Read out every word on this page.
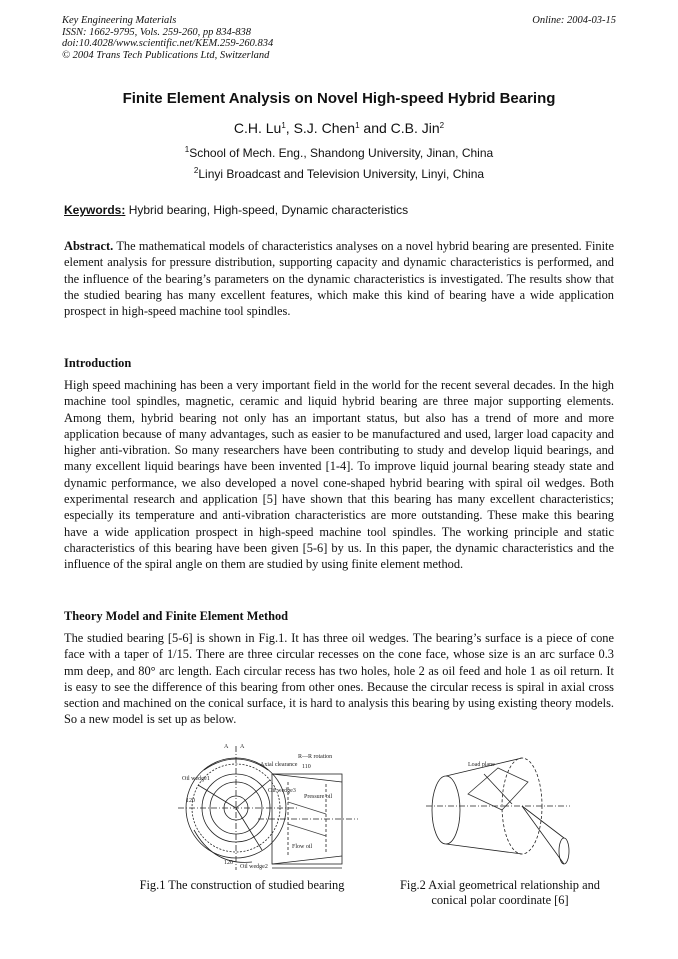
Key Engineering Materials
ISSN: 1662-9795, Vols. 259-260, pp 834-838
doi:10.4028/www.scientific.net/KEM.259-260.834
© 2004 Trans Tech Publications Ltd, Switzerland
Online: 2004-03-15
Finite Element Analysis on Novel High-speed Hybrid Bearing
C.H. Lu$^1$, S.J. Chen$^1$ and C.B. Jin$^2$
$^1$School of Mech. Eng., Shandong University, Jinan, China
$^2$Linyi Broadcast and Television University, Linyi, China
Keywords: Hybrid bearing, High-speed, Dynamic characteristics
Abstract. The mathematical models of characteristics analyses on a novel hybrid bearing are presented. Finite element analysis for pressure distribution, supporting capacity and dynamic characteristics is performed, and the influence of the bearing’s parameters on the dynamic characteristics is investigated. The results show that the studied bearing has many excellent features, which make this kind of bearing have a wide application prospect in high-speed machine tool spindles.
Introduction
High speed machining has been a very important field in the world for the recent several decades. In the high machine tool spindles, magnetic, ceramic and liquid hybrid bearing are three major supporting elements. Among them, hybrid bearing not only has an important status, but also has a trend of more and more application because of many advantages, such as easier to be manufactured and used, larger load capacity and higher anti-vibration. So many researchers have been contributing to study and develop liquid bearings, and many excellent liquid bearings have been invented [1-4]. To improve liquid journal bearing steady state and dynamic performance, we also developed a novel cone-shaped hybrid bearing with spiral oil wedges. Both experimental research and application [5] have shown that this bearing has many excellent characteristics; especially its temperature and anti-vibration characteristics are more outstanding. These make this bearing have a wide application prospect in high-speed machine tool spindles. The working principle and static characteristics of this bearing have been given [5-6] by us. In this paper, the dynamic characteristics and the influence of the spiral angle on them are studied by using finite element method.
Theory Model and Finite Element Method
The studied bearing [5-6] is shown in Fig.1. It has three oil wedges. The bearing’s surface is a piece of cone face with a taper of 1/15. There are three circular recesses on the cone face, whose size is an arc surface 0.3 mm deep, and 80° arc length. Each circular recess has two holes, hole 2 as oil feed and hole 1 as oil return. It is easy to see the difference of this bearing from other ones. Because the circular recess is spiral in axial cross section and machined on the conical surface, it is hard to analysis this bearing by using existing theory models. So a new model is set up as below.
A A
Oil wedge1
Oil wedge3
Oil wedge2
120
120
Axial clearance
R—R rotation
110
Pressure oil
Flow oil
Load plane
Fig.1 The construction of studied bearing	Fig.2 Axial geometrical relationship and
conical polar coordinate [6]
